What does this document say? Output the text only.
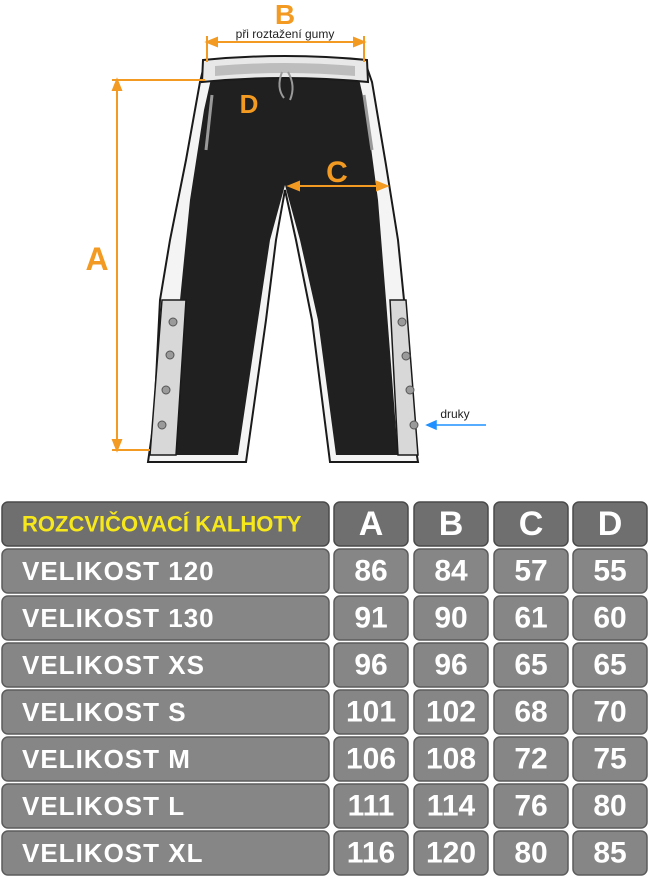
B
při roztažení gumy
A
C
D
druky
ROZCVIČOVACÍ KALHOTY A B C D
VELIKOST 120	86 84 57 55
VELIKOST 130	91 90 61 60
VELIKOST XS	96 96 65 65
VELIKOST S	101 102 68 70
VELIKOST M	106 108 72 75
VELIKOST L	111 114 76 80
VELIKOST XL	116 120 80 85
